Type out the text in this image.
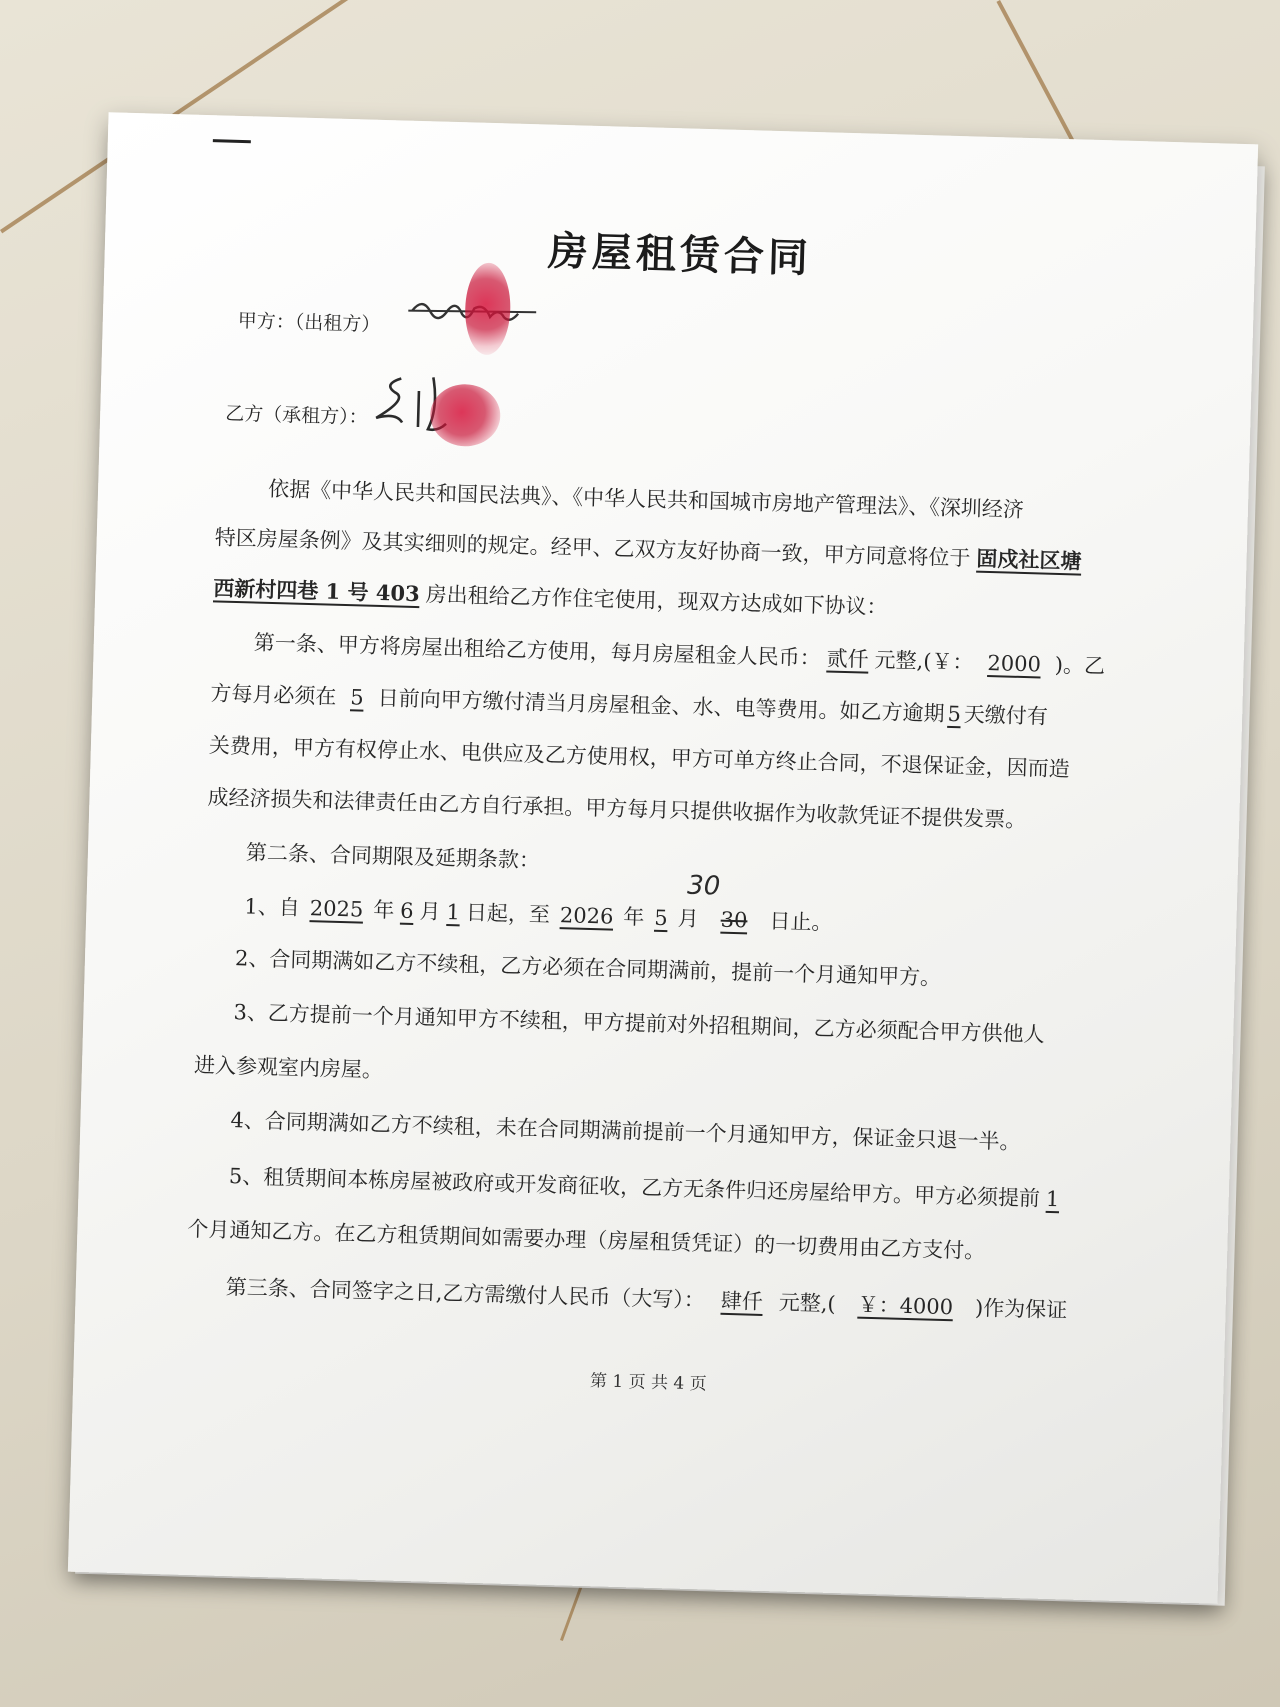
房屋租赁合同
甲方：（出租方）
乙方（承租方）：
依据《中华人民共和国民法典》、《中华人民共和国城市房地产管理法》、《深圳经济
特区房屋条例》及其实细则的规定。经甲、乙双方友好协商一致，甲方同意将位于 固戍社区塘
西新村四巷 1 号 403 房出租给乙方作住宅使用，现双方达成如下协议：
第一条、甲方将房屋出租给乙方使用，每月房屋租金人民币： 贰仟 元整,(￥： 2000 )。乙
方每月必须在 5 日前向甲方缴付清当月房屋租金、水、电等费用。如乙方逾期 5 天缴付有
关费用，甲方有权停止水、电供应及乙方使用权，甲方可单方终止合同，不退保证金，因而造
成经济损失和法律责任由乙方自行承担。甲方每月只提供收据作为收款凭证不提供发票。
第二条、合同期限及延期条款：
1、自 2025 年 6 月 1 日起，至 2026 年 5 月 30 日止。
30
2、合同期满如乙方不续租，乙方必须在合同期满前，提前一个月通知甲方。
3、乙方提前一个月通知甲方不续租，甲方提前对外招租期间，乙方必须配合甲方供他人
进入参观室内房屋。
4、合同期满如乙方不续租，未在合同期满前提前一个月通知甲方，保证金只退一半。
5、租赁期间本栋房屋被政府或开发商征收，乙方无条件归还房屋给甲方。甲方必须提前 1
个月通知乙方。在乙方租赁期间如需要办理（房屋租赁凭证）的一切费用由乙方支付。
第三条、合同签字之日,乙方需缴付人民币（大写）： 肆仟 元整,( ￥：4000 )作为保证
第 1 页 共 4 页
